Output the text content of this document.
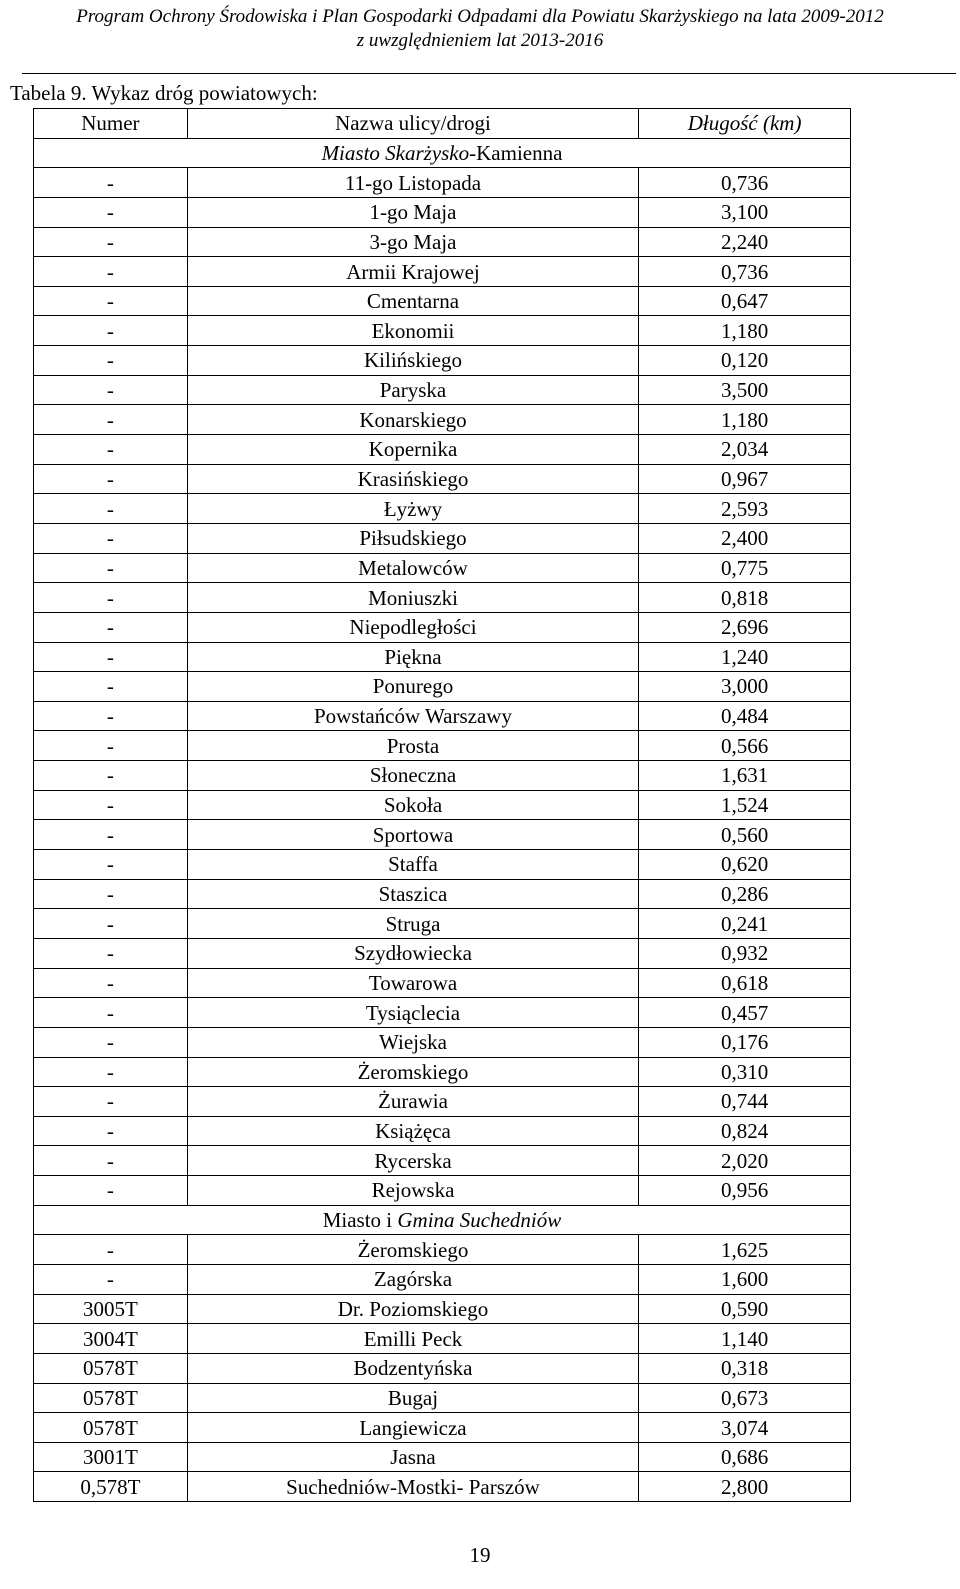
Program Ochrony Środowiska i Plan Gospodarki Odpadami dla Powiatu Skarżyskiego na lata 2009-2012
z uwzględnieniem lat 2013-2016
Tabela 9. Wykaz dróg powiatowych:
Numer	Nazwa ulicy/drogi	Długość (km)
Miasto Skarżysko-Kamienna		
-	11-go Listopada	0,736
-	1-go Maja	3,100
-	3-go Maja	2,240
-	Armii Krajowej	0,736
-	Cmentarna	0,647
-	Ekonomii	1,180
-	Kilińskiego	0,120
-	Paryska	3,500
-	Konarskiego	1,180
-	Kopernika	2,034
-	Krasińskiego	0,967
-	Łyżwy	2,593
-	Piłsudskiego	2,400
-	Metalowców	0,775
-	Moniuszki	0,818
-	Niepodległości	2,696
-	Piękna	1,240
-	Ponurego	3,000
-	Powstańców Warszawy	0,484
-	Prosta	0,566
-	Słoneczna	1,631
-	Sokoła	1,524
-	Sportowa	0,560
-	Staffa	0,620
-	Staszica	0,286
-	Struga	0,241
-	Szydłowiecka	0,932
-	Towarowa	0,618
-	Tysiąclecia	0,457
-	Wiejska	0,176
-	Żeromskiego	0,310
-	Żurawia	0,744
-	Książęca	0,824
-	Rycerska	2,020
-	Rejowska	0,956
Miasto i Gmina Suchedniów		
-	Żeromskiego	1,625
-	Zagórska	1,600
3005T	Dr. Poziomskiego	0,590
3004T	Emilli Peck	1,140
0578T	Bodzentyńska	0,318
0578T	Bugaj	0,673
0578T	Langiewicza	3,074
3001T	Jasna	0,686
0,578T	Suchedniów-Mostki- Parszów	2,800
19
